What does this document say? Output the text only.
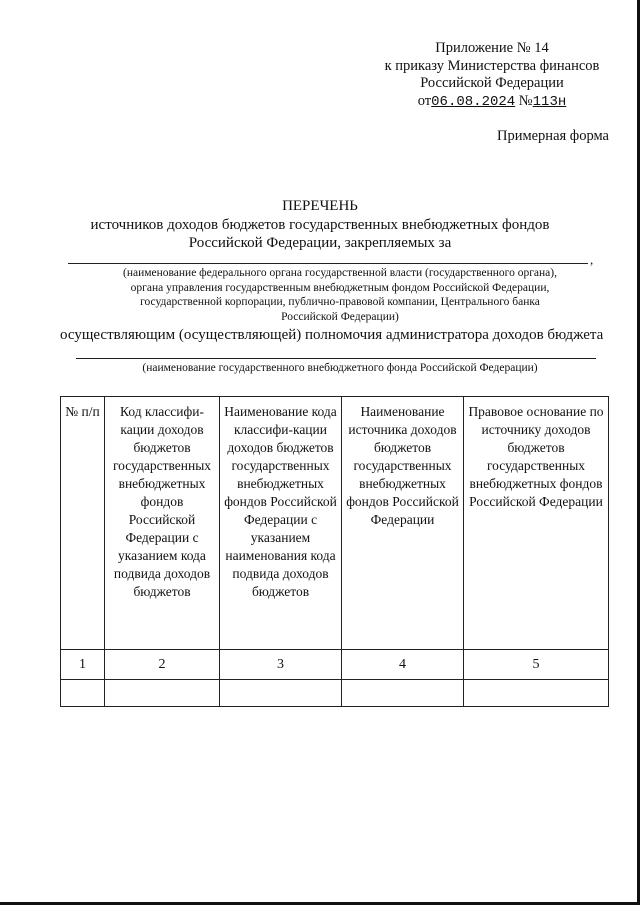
Приложение № 14
к приказу Министерства финансов
Российской Федерации
от06.08.2024 №113н
Примерная форма
ПЕРЕЧЕНЬ
источников доходов бюджетов государственных внебюджетных фондов
Российской Федерации, закрепляемых за
,
(наименование федерального органа государственной власти (государственного органа),
органа управления государственным внебюджетным фондом Российской Федерации,
государственной корпорации, публично-правовой компании, Центрального банка
Российской Федерации)
осуществляющим (осуществляющей) полномочия администратора доходов бюджета
(наименование государственного внебюджетного фонда Российской Федерации)
№ п/п	Код классифи-кации доходов бюджетов государственных внебюджетных фондов Российской Федерации с указанием кода подвида доходов бюджетов	Наименование кода классифи-кации доходов бюджетов государственных внебюджетных фондов Российской Федерации с указанием наименования кода подвида доходов бюджетов	Наименование источника доходов бюджетов государственных внебюджетных фондов Российской Федерации	Правовое основание по источнику доходов бюджетов государственных внебюджетных фондов Российской Федерации
1	2	3	4	5
